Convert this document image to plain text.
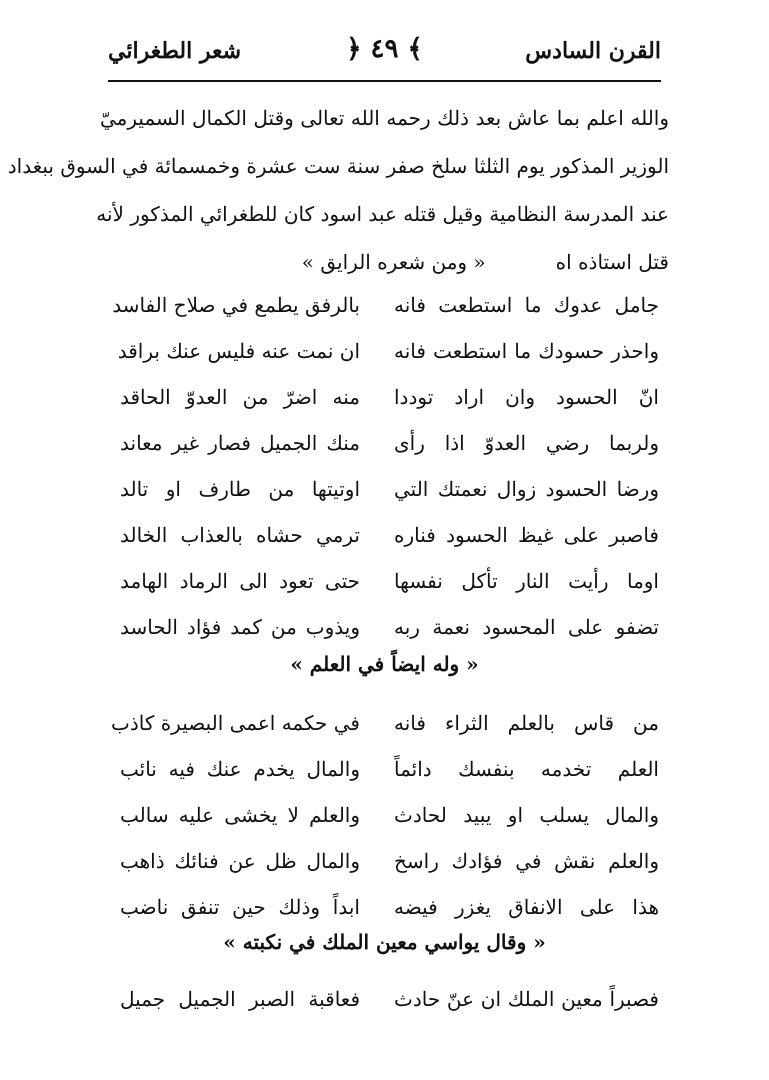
القرن السادس
﴿ ٤٩ ﴾
شعر الطغرائي
والله اعلم بما عاش بعد ذلك رحمه الله تعالى وقتل الكمال السميرميّ
الوزير المذكور يوم الثلثا سلخ صفر سنة ست عشرة وخمسمائة في السوق ببغداد
عند المدرسة النظامية وقيل قتله عبد اسود كان للطغرائي المذكور لأنه
قتل استاذه اه« ومن شعره الرايق »
جامل عدوك ما استطعت فانه
بالرفق يطمع في صلاح الفاسد
واحذر حسودك ما استطعت فانه
ان نمت عنه فليس عنك براقد
انّ الحسود وان اراد توددا
منه اضرّ من العدوّ الحاقد
ولربما رضي العدوّ اذا رأى
منك الجميل فصار غير معاند
ورضا الحسود زوال نعمتك التي
اوتيتها من طارف او تالد
فاصبر على غيظ الحسود فناره
ترمي حشاه بالعذاب الخالد
اوما رأيت النار تأكل نفسها
حتى تعود الى الرماد الهامد
تضفو على المحسود نعمة ربه
ويذوب من كمد فؤاد الحاسد
« وله ايضاً في العلم »
من قاس بالعلم الثراء فانه
في حكمه اعمى البصيرة كاذب
العلم تخدمه بنفسك دائماً
والمال يخدم عنك فيه نائب
والمال يسلب او يبيد لحادث
والعلم لا يخشى عليه سالب
والعلم نقش في فؤادك راسخ
والمال ظل عن فنائك ذاهب
هذا على الانفاق يغزر فيضه
ابداً وذلك حين تنفق ناضب
« وقال يواسي معين الملك في نكبته »
فصبراً معين الملك ان عنّ حادث
فعاقبة الصبر الجميل جميل
